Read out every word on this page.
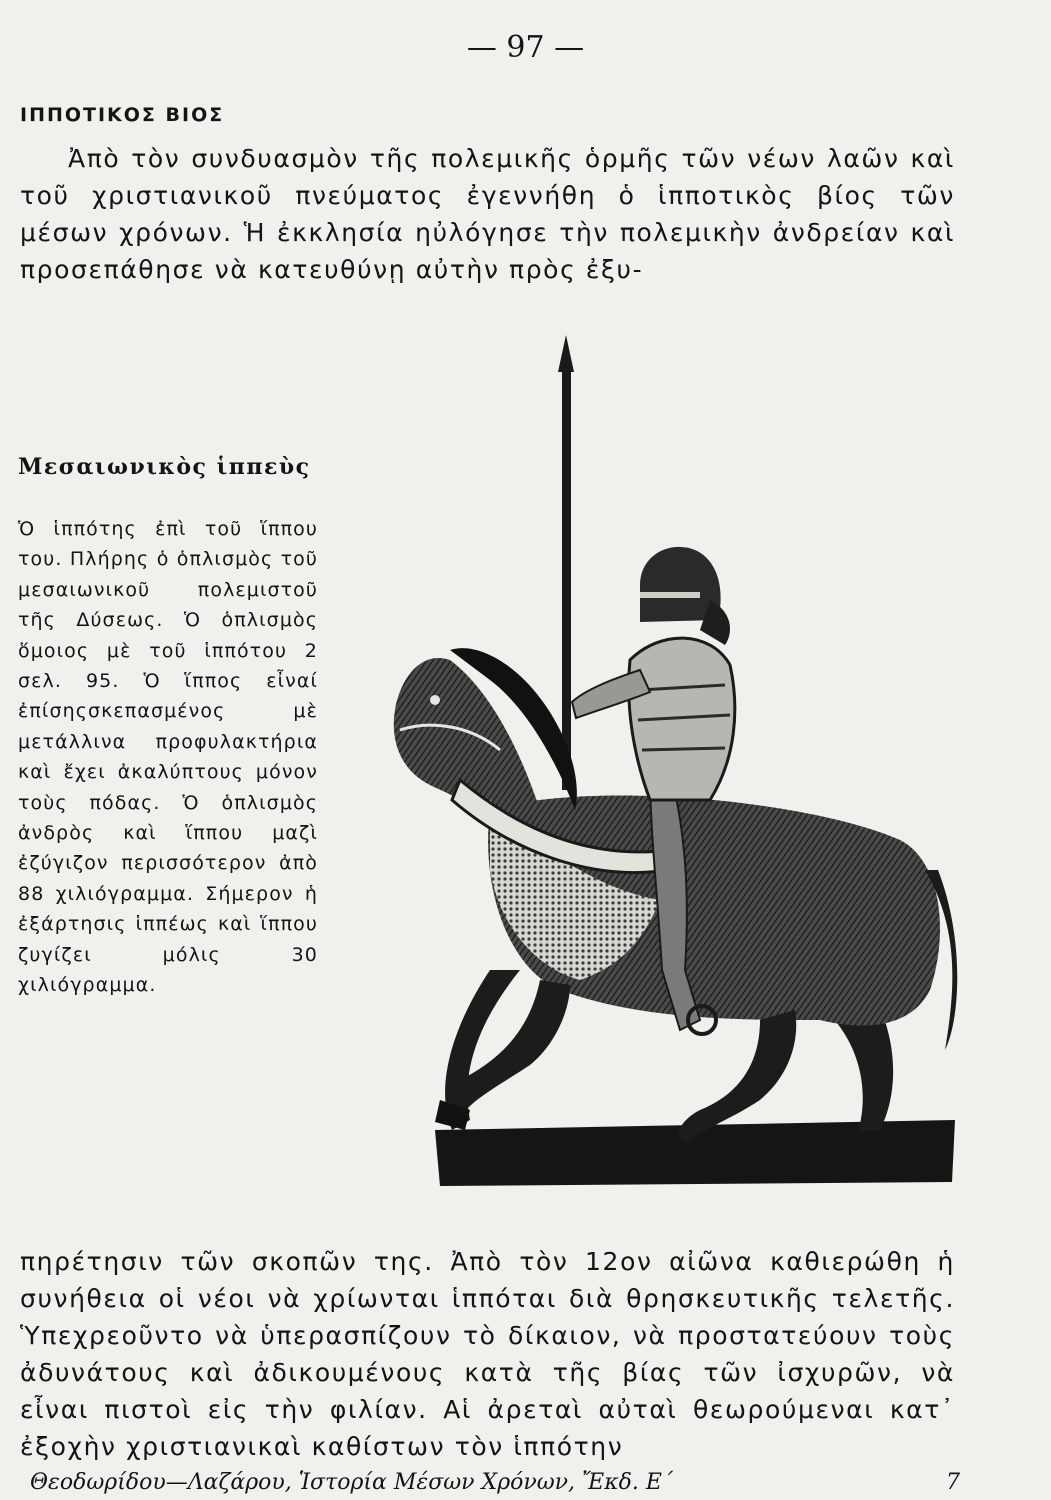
— 97 —
ΙΠΠΟΤΙΚΟΣ ΒΙΟΣ

Ἀπὸ τὸν συνδυασμὸν τῆς πολεμικῆς ὁρμῆς τῶν νέων λαῶν καὶ τοῦ χριστιανικοῦ πνεύματος ἐγεννήθη ὁ ἱπποτικὸς βίος τῶν μέσων χρόνων. Ἡ ἐκκλησία ηὐλόγησε τὴν πολεμικὴν ἀνδρείαν καὶ προσεπάθησε νὰ κατευθύνῃ αὐτὴν πρὸς ἐξυ-

Μεσαιωνικὸς ἱππεὺς

Ὁ ἱππότης ἐπὶ τοῦ ἵππου του. Πλήρης ὁ ὁπλισμὸς τοῦ μεσαιωνικοῦ πολεμιστοῦ τῆς Δύσεως. Ὁ ὁπλισμὸς ὅμοιος μὲ τοῦ ἱππότου 2 σελ. 95. Ὁ ἵππος εἶναί ἐπίσηςσκεπασμένος μὲ μετάλλινα προφυλακτήρια καὶ ἔχει ἀκαλύπτους μόνον τοὺς πόδας. Ὁ ὁπλισμὸς ἀνδρὸς καὶ ἵππου μαζὶ ἐζύγιζον περισσότερον ἀπὸ 88 χιλιόγραμμα. Σήμερον ἡ ἐξάρτησις ἱππέως καὶ ἵππου ζυγίζει μόλις 30 χιλιόγραμμα.

πηρέτησιν τῶν σκοπῶν της. Ἀπὸ τὸν 12ον αἰῶνα καθιερώθη ἡ συνήθεια οἱ νέοι νὰ χρίωνται ἱππόται διὰ θρησκευτικῆς τελετῆς. Ὑπεχρεοῦντο νὰ ὑπερασπίζουν τὸ δίκαιον, νὰ προστατεύουν τοὺς ἀδυνάτους καὶ ἀδικουμένους κατὰ τῆς βίας τῶν ἰσχυρῶν, νὰ εἶναι πιστοὶ εἰς τὴν φιλίαν. Αἱ ἀρεταὶ αὐταὶ θεωρούμεναι κατ᾽ ἐξοχὴν χριστιανικαὶ καθίστων τὸν ἱππότην

Θεοδωρίδου—Λαζάρου, Ἱστορία Μέσων Χρόνων, Ἔκδ. Ε΄	7
